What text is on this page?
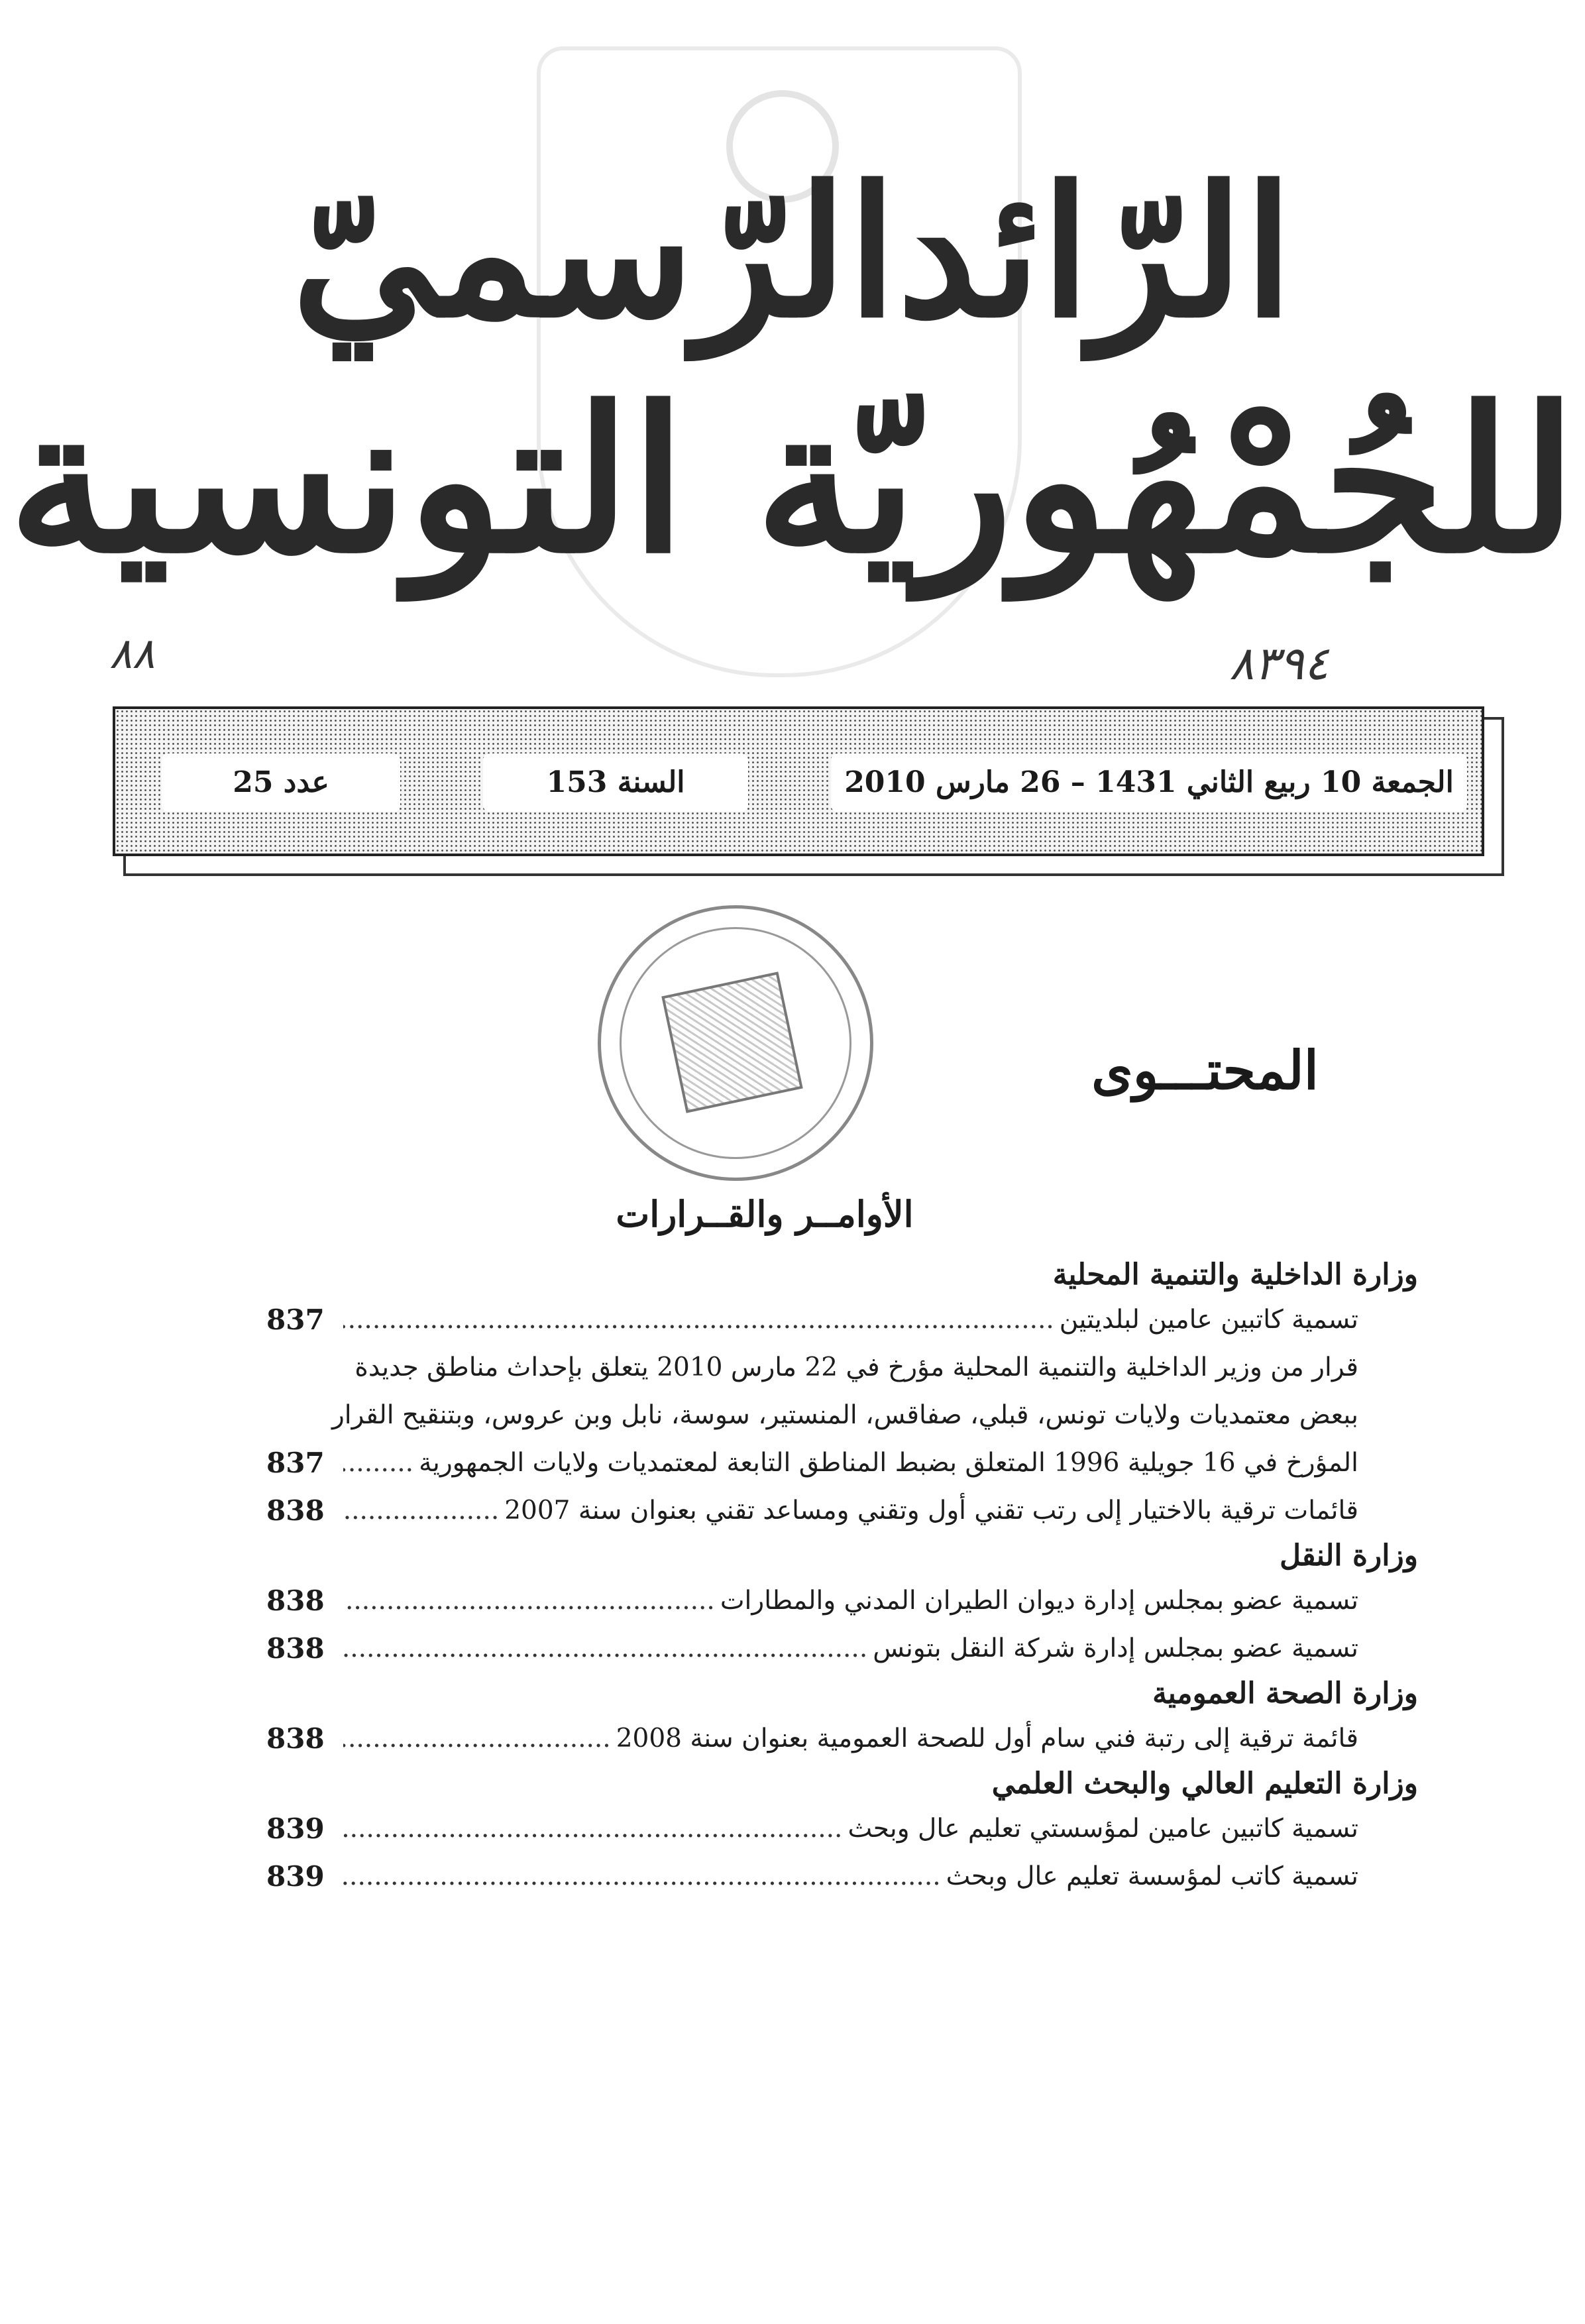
الرّائدالرّسميّ
للجُمْهُوريّة التونسية
٨٨	٨٣٩٤
الجمعة 10 ربيع الثاني 1431 – 26 مارس 2010
السنة 153
عدد 25
المحتـــوى
الأوامــر والقــرارات
وزارة الداخلية والتنمية المحلية
تسمية كاتبين عامين لبلديتين
.....
837
قرار من وزير الداخلية والتنمية المحلية مؤرخ في 22 مارس 2010 يتعلق بإحداث مناطق جديدة
ببعض معتمديات ولايات تونس، قبلي، صفاقس، المنستير، سوسة، نابل وبن عروس، وبتنقيح القرار
المؤرخ في 16 جويلية 1996 المتعلق بضبط المناطق التابعة لمعتمديات ولايات الجمهورية
.....
837
قائمات ترقية بالاختيار إلى رتب تقني أول وتقني ومساعد تقني بعنوان سنة 2007
.....
838
وزارة النقل
تسمية عضو بمجلس إدارة ديوان الطيران المدني والمطارات
.....
838
تسمية عضو بمجلس إدارة شركة النقل بتونس
.....
838
وزارة الصحة العمومية
قائمة ترقية إلى رتبة فني سام أول للصحة العمومية بعنوان سنة 2008
.....
838
وزارة التعليم العالي والبحث العلمي
تسمية كاتبين عامين لمؤسستي تعليم عال وبحث
.....
839
تسمية كاتب لمؤسسة تعليم عال وبحث
.....
839
